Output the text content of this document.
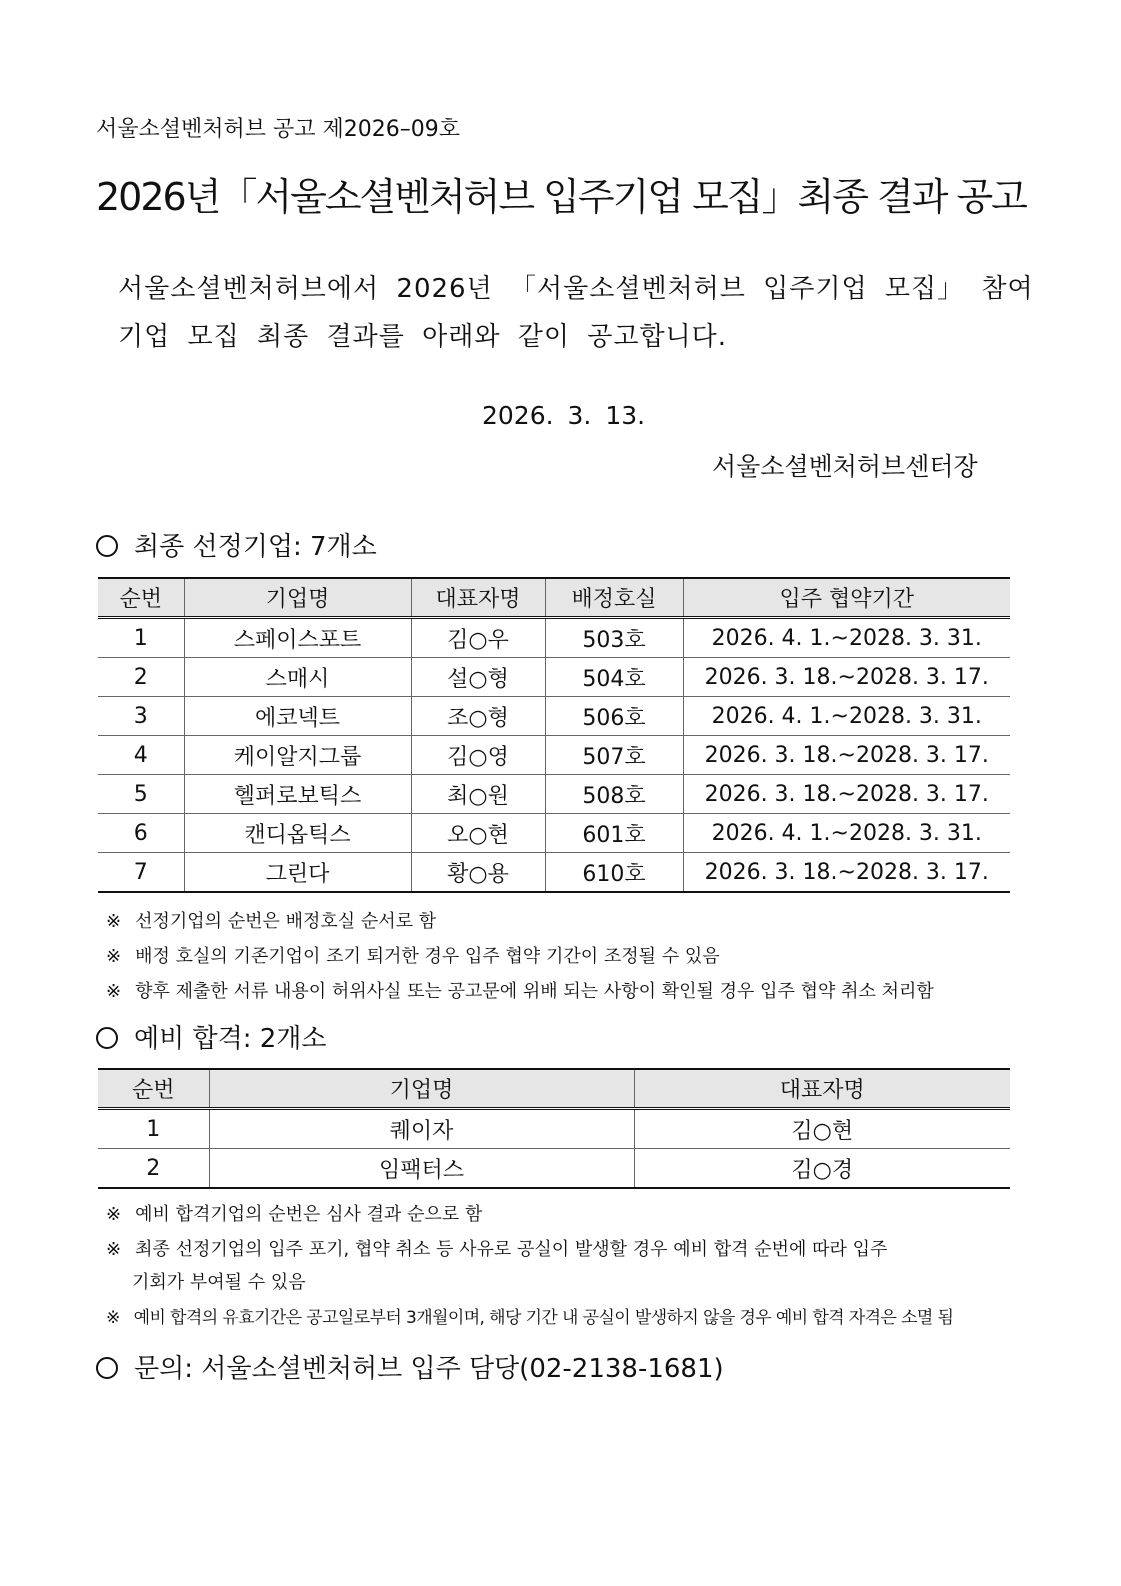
서울소셜벤처허브 공고 제2026–09호
2026년「서울소셜벤처허브 입주기업 모집」최종 결과 공고
서울소셜벤처허브에서 2026년 「서울소셜벤처허브 입주기업 모집」 참여
기업 모집 최종 결과를 아래와 같이 공고합니다.
2026. 3. 13.
서울소셜벤처허브센터장
최종 선정기업: 7개소
순번	기업명	대표자명	배정호실	입주 협약기간
1	스페이스포트	김○우	503호	2026. 4. 1.~2028. 3. 31.
2	스매시	설○형	504호	2026. 3. 18.~2028. 3. 17.
3	에코넥트	조○형	506호	2026. 4. 1.~2028. 3. 31.
4	케이알지그룹	김○영	507호	2026. 3. 18.~2028. 3. 17.
5	헬퍼로보틱스	최○원	508호	2026. 3. 18.~2028. 3. 17.
6	캔디옵틱스	오○현	601호	2026. 4. 1.~2028. 3. 31.
7	그린다	황○용	610호	2026. 3. 18.~2028. 3. 17.
※ 선정기업의 순번은 배정호실 순서로 함
※ 배정 호실의 기존기업이 조기 퇴거한 경우 입주 협약 기간이 조정될 수 있음
※ 향후 제출한 서류 내용이 허위사실 또는 공고문에 위배 되는 사항이 확인될 경우 입주 협약 취소 처리함
예비 합격: 2개소
순번	기업명	대표자명
1	퀘이자	김○현
2	임팩터스	김○경
※ 예비 합격기업의 순번은 심사 결과 순으로 함
※ 최종 선정기업의 입주 포기, 협약 취소 등 사유로 공실이 발생할 경우 예비 합격 순번에 따라 입주
기회가 부여될 수 있음
※ 예비 합격의 유효기간은 공고일로부터 3개월이며, 해당 기간 내 공실이 발생하지 않을 경우 예비 합격 자격은 소멸 됨
문의: 서울소셜벤처허브 입주 담당(02-2138-1681)
